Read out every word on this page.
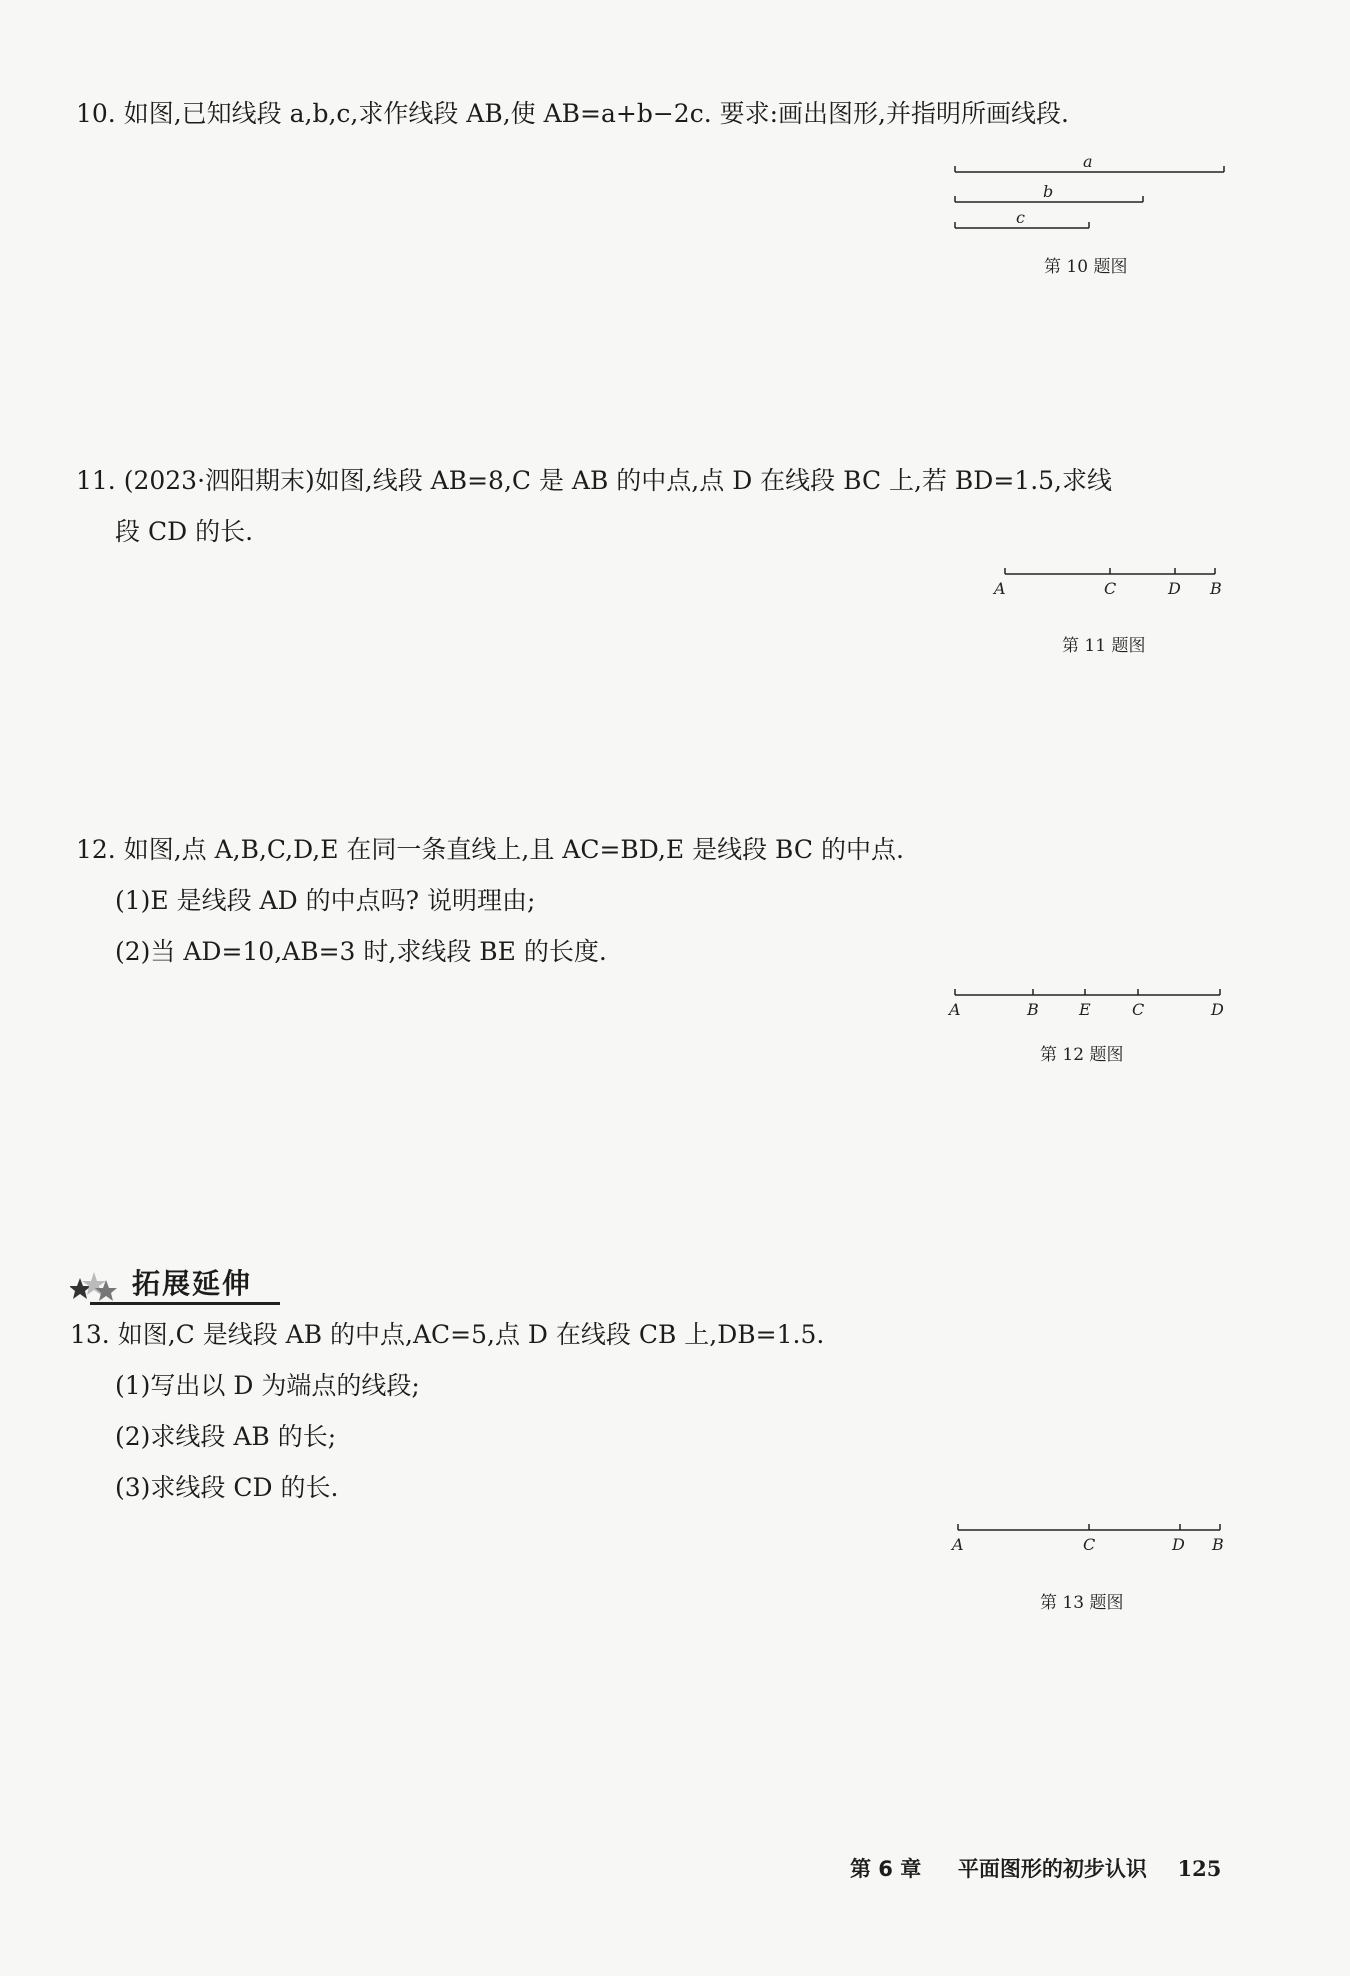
10. 如图,已知线段 a,b,c,求作线段 AB,使 AB=a+b−2c. 要求:画出图形,并指明所画线段.
a
b
c
第 10 题图
11. (2023·泗阳期末)如图,线段 AB=8,C 是 AB 的中点,点 D 在线段 BC 上,若 BD=1.5,求线
段 CD 的长.
A	C	D B
第 11 题图
12. 如图,点 A,B,C,D,E 在同一条直线上,且 AC=BD,E 是线段 BC 的中点.
(1)E 是线段 AD 的中点吗? 说明理由;
(2)当 AD=10,AB=3 时,求线段 BE 的长度.
A	B	E	C	D
第 12 题图
拓展延伸
13. 如图,C 是线段 AB 的中点,AC=5,点 D 在线段 CB 上,DB=1.5.
(1)写出以 D 为端点的线段;
(2)求线段 AB 的长;
(3)求线段 CD 的长.
A	C	D B
第 13 题图
第 6 章 平面图形的初步认识 125
